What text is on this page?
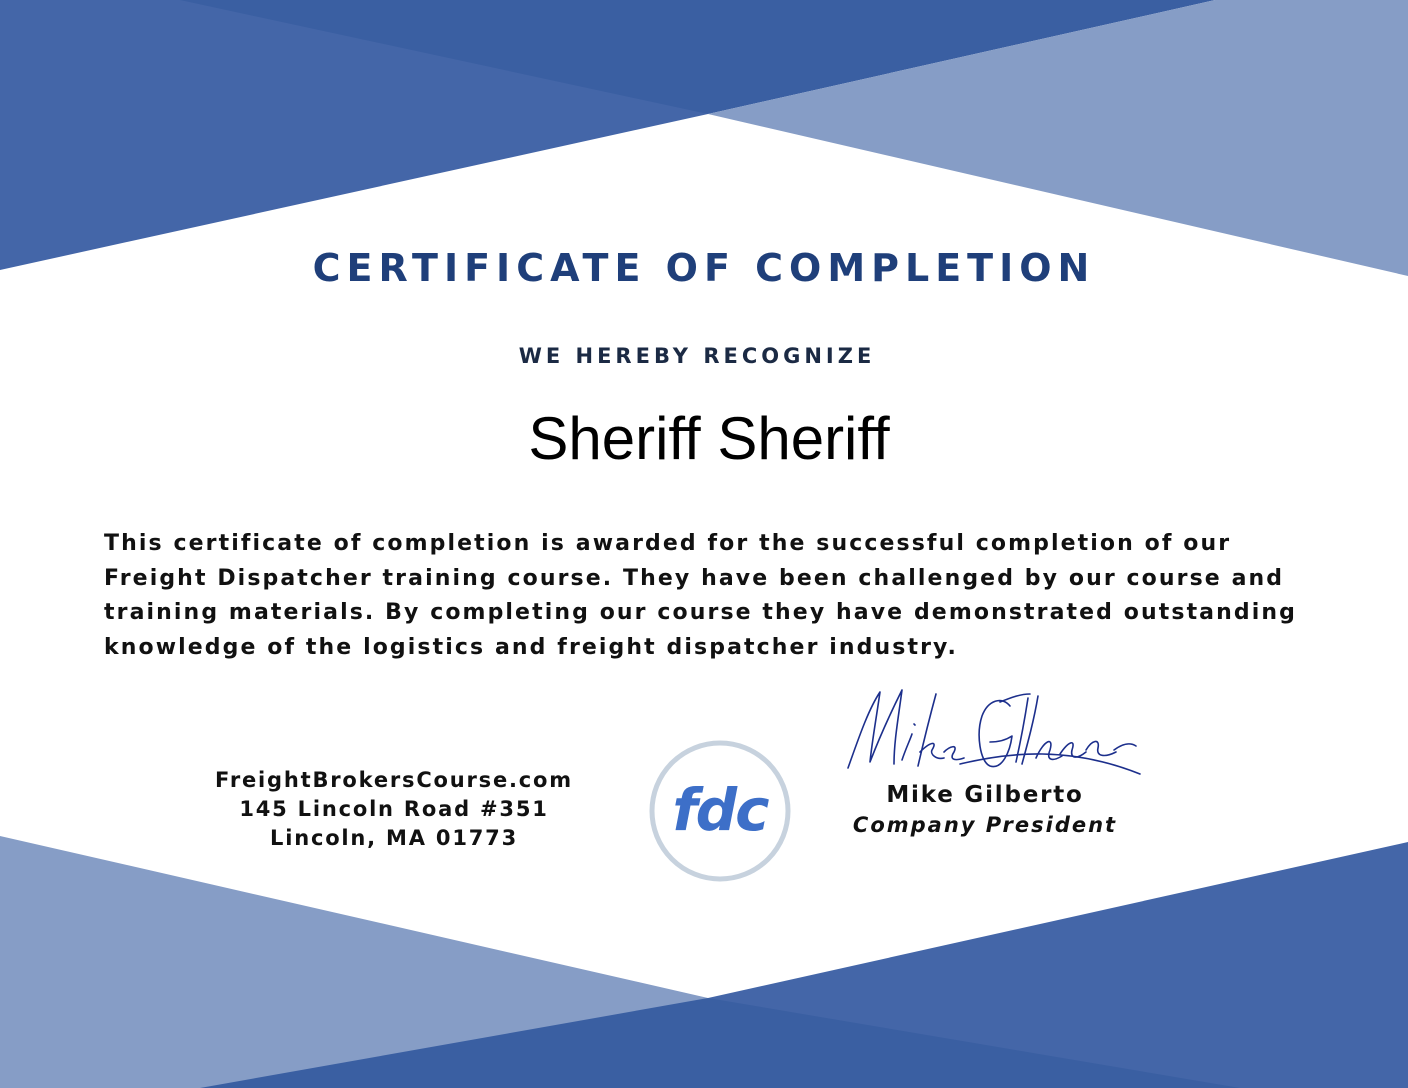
CERTIFICATE OF COMPLETION
WE HEREBY RECOGNIZE
Sheriff Sheriff
This certificate of completion is awarded for the successful completion of our Freight Dispatcher training course. They have been challenged by our course and training materials. By completing our course they have demonstrated outstanding knowledge of the logistics and freight dispatcher industry.
FreightBrokersCourse.com
145 Lincoln Road #351
Lincoln, MA 01773	fdc	Mike Gilberto
Company President
